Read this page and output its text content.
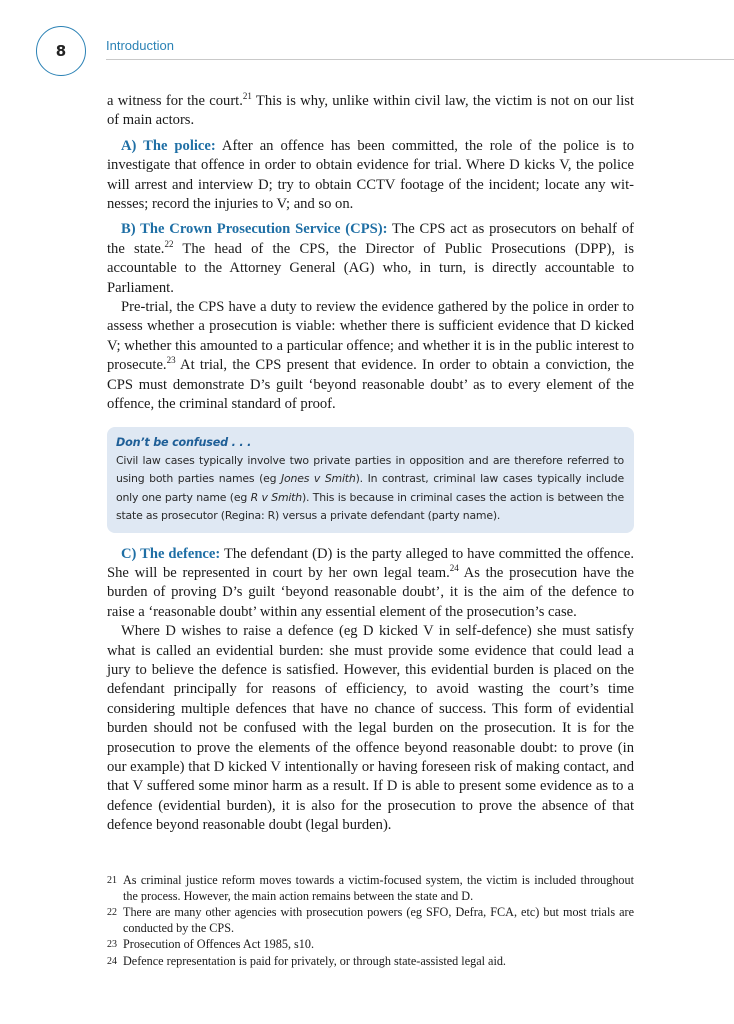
8	Introduction

a witness for the court.$^{21}$ This is why, unlike within civil law, the victim is not on our list of main actors.

A) The police: After an offence has been committed, the role of the police is to investigate that offence in order to obtain evidence for trial. Where D kicks V, the police will arrest and interview D; try to obtain CCTV footage of the incident; locate any wit-nesses; record the injuries to V; and so on.

B) The Crown Prosecution Service (CPS): The CPS act as prosecutors on behalf of the state.$^{22}$ The head of the CPS, the Director of Public Prosecutions (DPP), is accountable to the Attorney General (AG) who, in turn, is directly accountable to Parliament.

Pre-trial, the CPS have a duty to review the evidence gathered by the police in order to assess whether a prosecution is viable: whether there is sufficient evidence that D kicked V; whether this amounted to a particular offence; and whether it is in the public interest to prosecute.$^{23}$ At trial, the CPS present that evidence. In order to obtain a conviction, the CPS must demonstrate D’s guilt ‘beyond reasonable doubt’ as to every element of the offence, the criminal standard of proof.

Don’t be confused . . .
Civil law cases typically involve two private parties in opposition and are therefore referred to using both parties names (eg Jones v Smith). In contrast, criminal law cases typically include only one party name (eg R v Smith). This is because in criminal cases the action is between the state as prosecutor (Regina: R) versus a private defendant (party name).

C) The defence: The defendant (D) is the party alleged to have committed the offence. She will be represented in court by her own legal team.$^{24}$ As the prosecution have the burden of proving D’s guilt ‘beyond reasonable doubt’, it is the aim of the defence to raise a ‘reasonable doubt’ within any essential element of the prosecution’s case.

Where D wishes to raise a defence (eg D kicked V in self-defence) she must satisfy what is called an evidential burden: she must provide some evidence that could lead a jury to believe the defence is satisfied. However, this evidential burden is placed on the defendant principally for reasons of efficiency, to avoid wasting the court’s time considering multiple defences that have no chance of success. This form of evidential burden should not be confused with the legal burden on the prosecution. It is for the prosecution to prove the elements of the offence beyond reasonable doubt: to prove (in our example) that D kicked V intentionally or having foreseen risk of making contact, and that V suffered some minor harm as a result. If D is able to present some evidence as to a defence (evidential burden), it is also for the prosecution to prove the absence of that defence beyond reasonable doubt (legal burden).

21 As criminal justice reform moves towards a victim-focused system, the victim is included throughout the process. However, the main action remains between the state and D.
22 There are many other agencies with prosecution powers (eg SFO, Defra, FCA, etc) but most trials are conducted by the CPS.
23 Prosecution of Offences Act 1985, s10.
24 Defence representation is paid for privately, or through state-assisted legal aid.
